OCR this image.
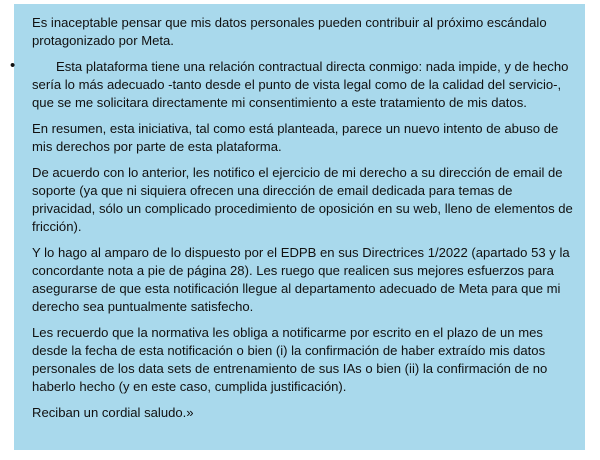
Es inaceptable pensar que mis datos personales pueden contribuir al próximo escándalo protagonizado por Meta.

•	Esta plataforma tiene una relación contractual directa conmigo: nada impide, y de hecho sería lo más adecuado -tanto desde el punto de vista legal como de la calidad del servicio-, que se me solicitara directamente mi consentimiento a este tratamiento de mis datos.

En resumen, esta iniciativa, tal como está planteada, parece un nuevo intento de abuso de mis derechos por parte de esta plataforma.

De acuerdo con lo anterior, les notifico el ejercicio de mi derecho a su dirección de email de soporte (ya que ni siquiera ofrecen una dirección de email dedicada para temas de privacidad, sólo un complicado procedimiento de oposición en su web, lleno de elementos de fricción).

Y lo hago al amparo de lo dispuesto por el EDPB en sus Directrices 1/2022 (apartado 53 y la concordante nota a pie de página 28). Les ruego que realicen sus mejores esfuerzos para asegurarse de que esta notificación llegue al departamento adecuado de Meta para que mi derecho sea puntualmente satisfecho.

Les recuerdo que la normativa les obliga a notificarme por escrito en el plazo de un mes desde la fecha de esta notificación o bien (i) la confirmación de haber extraído mis datos personales de los data sets de entrenamiento de sus IAs o bien (ii) la confirmación de no haberlo hecho (y en este caso, cumplida justificación).

Reciban un cordial saludo.»
